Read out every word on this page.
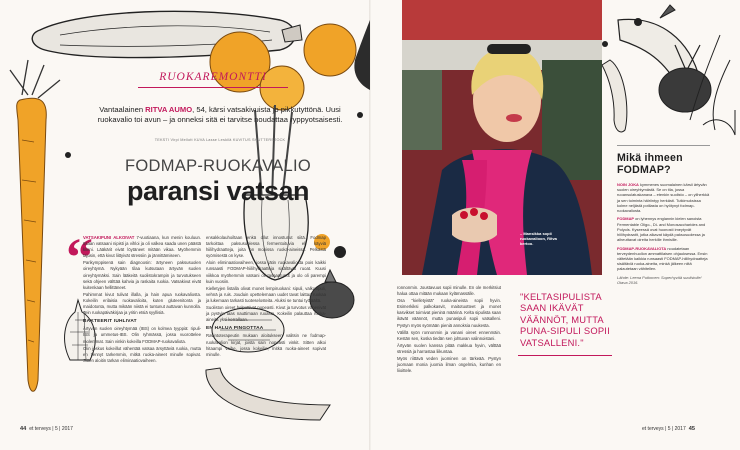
– Mansikka sopii ruokavalioon, Ritva kertoo.
RUOKAREMONTTI
Vantaalainen RITVA AUMO, 54, kärsi vatsakivuista jo pikkutyttönä. Uusi ruokavalio toi avun – ja onneksi sitä ei tarvitse noudattaa ryppyotsaisesti.
TEKSTI Virpi Mellott KUVA Lasse Leskilä KUVITUS SHUTTERSTOCK
FODMAP-RUOKAVALIO
paransi vatsan
“

VATSAKIPUNI ALKOIVAT 7-vuotiaana, kun menin kouluun. Itsaan vatsaani nipisti ja vihloi ja oli valkea saada unen päästä kiinni. Lääkärit eivät löytäneet mitään vikaa. Myöhemmin tajusin, että kivut liittyivät stressiin ja jännittämiseen.

Parikymppisenä sain diagnoosin: ärtyneen paksusuolen oireyhtymä. Nykyään tilaa kutsutaan ärtyvän suolen oireyhtymäksi. Sain lääkeitä suolistokrampin ja turvotukseen sekä ohjeen välttää kahvia ja raskaita ruokia. Vatsakivut eivät kuitenkaan hellittäneet.

Pahimmat kivut tulivat illalla, ja hain apua ruokavaliosta. Kokeilin erilaisia ruokavalioita, kuten gluteenitonta ja maidotonta, mutta mikään niistä ei tuntunut auttavan kunnolla. Tein ruokapäiväkirjaa ja yritin etsiä syyllisiä.

BAKTEERIT IUHLIVAT

Ärtyvän suolen oireyhtymää (IBS) on kolmea tyyppiä: ripuli-IBS ja ummetus-IBS. Olin ryhmässä, jossa vuorottelee molemmat. Sain vinkin kokeilla FODMAP-ruokavaliota.

Olin joskus kokeillut vähentää vatsaa ärsyttäviä ruokia, mutta en tiennyt tarkemmin, mitkä ruoka-aineet minulle sopivat. Sitten aloitin tarkan eliminaatiovaiheen.

ensakkolauhoiltaan enkä ollut innostunut siitä. Fodmap tarkoittaa paksusuolessa fermentoituvia eli käyviä hiilihydraatteja, joita on monissa ruoka-aineissa. Pelkästä syömisestä on kyse.

Aloin eliminaatiovaiheen, jossa jätin ruokavaliosta pois kaikki runsaasti FODMAP-hiilihydraatteja sisältävät ruoat. Kuusi viikkoa myöhemmin vatsani oli tasaantunut ja olo oli parempi kuin vuosiin.

Kielletyjen listalla olivat monet lempiruokani: sipuli, valkosipuli, vehnä ja ruis. Jouduin opettelemaan uudet tavat laittaa ruokaa ja lukemaan tarkasti tuoteselosteita. Aluksi se tuntui työläältä.

Suoliston oireet helpottivat nopeasti. Kivut ja turvotus vähenivät ja pystyin taas nauttimaan ruoasta. Kokeilin palauttaa ruoka-aineita yksi kerrallaan.

EN HALUA PINGOTTAA

Ravintoterapeutin mukaan aloitukseen valitsin ne fodmap-ruokavalion kirjat, joista sain nopeasti vinkit. Sitten alkoi hitaampi vaihe, jossa kokeilin, mitkä ruoka-aineet sopivat minulle.

44 et terveys | 5 | 2017

ronnonmin. Joustavuus sopii minulle. En ole merkitsiut halua ottaa mitään mukaan kylämassälle.

Osa "kielletyistä" ruoka-aineista sopii hyvin. Esimerkiksi palkokasvit, maitotuotteet ja monet kasvikset toimivat pieninä määrinä. Kelta sipulista saan ikävät väännöt, mutta punasipuli sopii vatsalleni. Pystyn myös syömään pieniä annoksia nuukesta.

Välillä syön ronnonmin ja vanani oireet ennenmäin. Kestän sen, koska tiedän sen johtuvan valinnoistani.

Ärtyvän suolen kanssa pitää makkua hyvin, välttää stressiä ja harrastaa liikuntaa.

Myös riittävä veden juominen on tärkeää. Pystyn juomaan monia juomia ilman ongelmia, kunhan en liioittele.

"KELTASIPULISTA SAAN IKÄVÄT VÄÄNNÖT, MUTTA PUNA-SIPULI SOPII VATSALLENI."
Mikä ihmeen FODMAP?

NOIN JOKA kymmenes suomalainen kärsii ärtyvän suolen oireyhtymästä. Se on tila, jossa ruoansulatuskanava – etenkin suolisto – on yliherkkä ja sen toiminta häiriintyy herkästi. Tutkimuksissa kolme neljästä potilasta on hyötynyt fodmap-ruokavaliosta.

FODMAP on lyhennys englannin kielen sanoista Fermentable Oligo-, Di- and Monosaccharides and Polyols. Kyseessä ovat huonosti imeytyvät hiilihydraatit, jotka alkavat käydä paksusuolessa ja aiheuttavat oireita herkille ihmisille.

FODMAP-RUOKAVALIOTA noudatetaan terveydenhuollon ammattilaisen ohjauksessa. Ensin vältetään kaikkia runsaasti FODMAP-hiilihydraatteja sisältäviä ruoka-aineita, minkä jälkeen niitä palautetaan vähitellen.

Lähde: Leena Putkonen: Superhyvää suolistolle! Otava 2016.

et terveys | 5 | 2017 45
